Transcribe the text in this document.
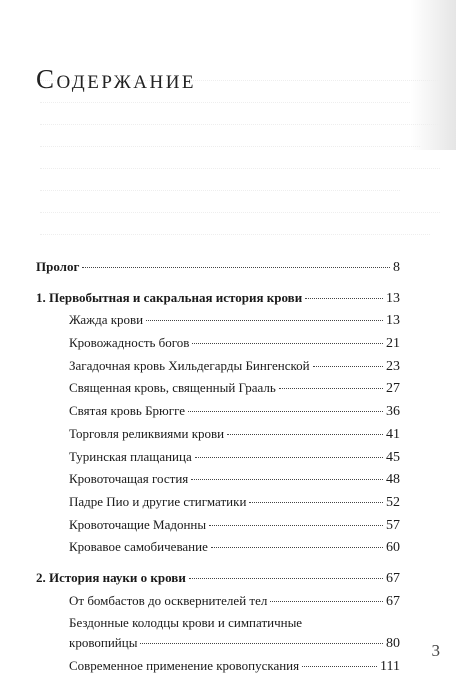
Содержание
Пролог	8
1. Первобытная и сакральная история крови	13
Жажда крови	13
Кровожадность богов	21
Загадочная кровь Хильдегарды Бингенской	23
Священная кровь, священный Грааль	27
Святая кровь Брюгге	36
Торговля реликвиями крови	41
Туринская плащаница	45
Кровоточащая гостия	48
Падре Пио и другие стигматики	52
Кровоточащие Мадонны	57
Кровавое самобичевание	60
2. История науки о крови	67
От бомбастов до осквернителей тел	67
Бездонные колодцы крови и симпатичные
кровопийцы	80
Современное применение кровопускания	111
3
